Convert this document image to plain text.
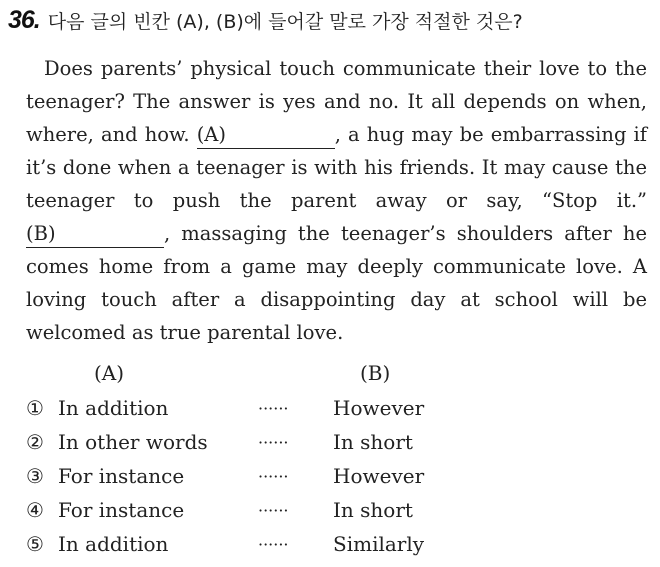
36. 다음 글의 빈칸 (A), (B)에 들어갈 말로 가장 적절한 것은?

Does parents’ physical touch communicate their love to the teenager? The answer is yes and no. It all depends on when, where, and how. (A)	, a hug may be embarrassing if it’s done when a teenager is with his friends. It may cause the teenager to push the parent away or say, “Stop it.” (B)	, massaging the teenager’s shoulders after he comes home from a game may deeply communicate love. A loving touch after a disappointing day at school will be welcomed as true parental love.

(A)	(B)
① In addition	······ However
② In other words	······ In short
③ For instance	······ However
④ For instance	······ In short
⑤ In addition	······ Similarly
